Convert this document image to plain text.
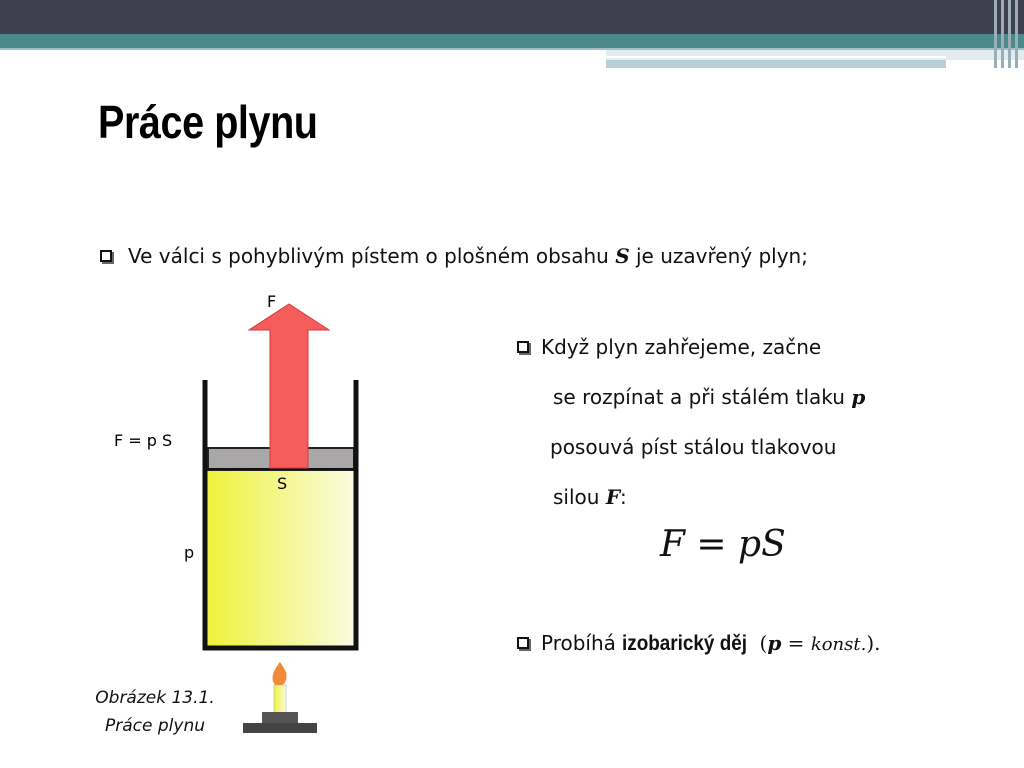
Práce plynu
Ve válci s pohyblivým pístem o plošném obsahu S je uzavřený plyn;
Když plyn zahřejeme, začne
se rozpínat a při stálém tlaku p
posouvá píst stálou tlakovou
silou F:
F = pS
Probíhá izobarický děj (p = konst.).
F
F = p S
S
p
Obrázek 13.1.
Práce plynu
